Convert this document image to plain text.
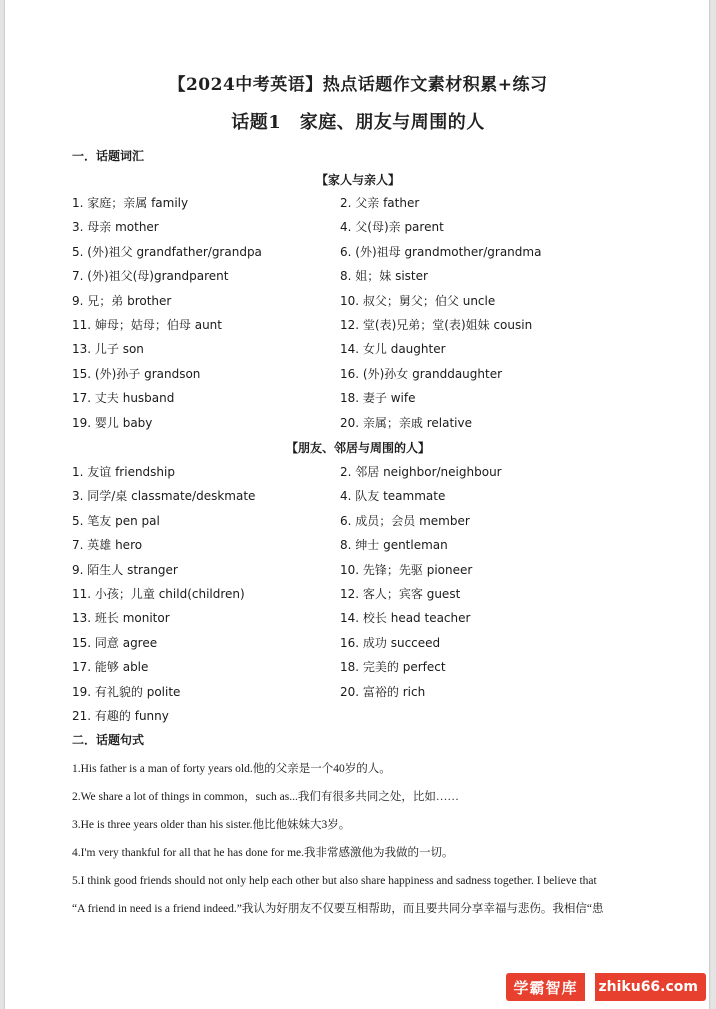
【2024中考英语】热点话题作文素材积累+练习
话题1　家庭、朋友与周围的人
一．话题词汇
【家人与亲人】
1. 家庭；亲属 family	2. 父亲 father
3. 母亲 mother	4. 父(母)亲 parent
5. (外)祖父 grandfather/grandpa	6. (外)祖母 grandmother/grandma
7. (外)祖父(母)grandparent	8. 姐；妹 sister
9. 兄；弟 brother	10. 叔父；舅父；伯父 uncle
11. 婶母；姑母；伯母 aunt	12. 堂(表)兄弟；堂(表)姐妹 cousin
13. 儿子 son	14. 女儿 daughter
15. (外)孙子 grandson	16. (外)孙女 granddaughter
17. 丈夫 husband	18. 妻子 wife
19. 婴儿 baby	20. 亲属；亲戚 relative
【朋友、邻居与周围的人】
1. 友谊 friendship	2. 邻居 neighbor/neighbour
3. 同学/桌 classmate/deskmate	4. 队友 teammate
5. 笔友 pen pal	6. 成员；会员 member
7. 英雄 hero	8. 绅士 gentleman
9. 陌生人 stranger	10. 先锋；先驱 pioneer
11. 小孩；儿童 child(children)	12. 客人；宾客 guest
13. 班长 monitor	14. 校长 head teacher
15. 同意 agree	16. 成功 succeed
17. 能够 able	18. 完美的 perfect
19. 有礼貌的 polite	20. 富裕的 rich
21. 有趣的 funny
二．话题句式
1.His father is a man of forty years old.他的父亲是一个40岁的人。
2.We share a lot of things in common，such as...我们有很多共同之处，比如……
3.He is three years older than his sister.他比他妹妹大3岁。
4.I'm very thankful for all that he has done for me.我非常感激他为我做的一切。
5.I think good friends should not only help each other but also share happiness and sadness together. I believe that
“A friend in need is a friend indeed.”我认为好朋友不仅要互相帮助，而且要共同分享幸福与悲伤。我相信“患
学霸智库	zhiku66.com
